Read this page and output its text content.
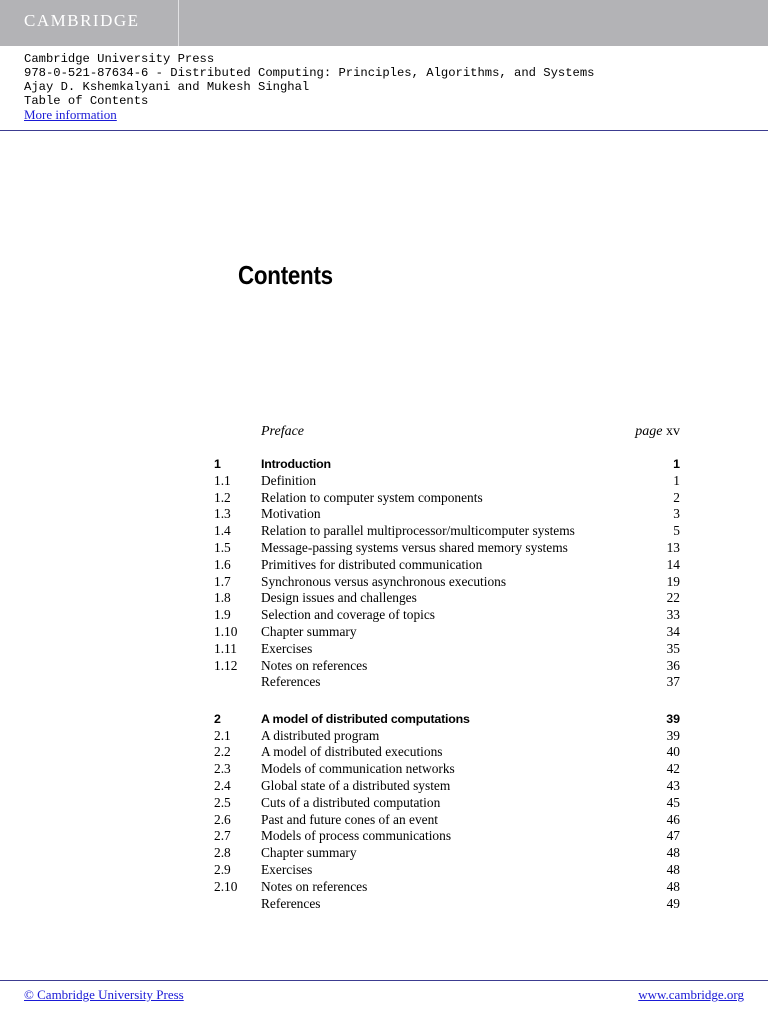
CAMBRIDGE
Cambridge University Press
978-0-521-87634-6 - Distributed Computing: Principles, Algorithms, and Systems
Ajay D. Kshemkalyani and Mukesh Singhal
Table of Contents
More information
Contents
Preface	page xv
1	Introduction	1
1.1 Definition	1
1.2 Relation to computer system components	2
1.3 Motivation	3
1.4 Relation to parallel multiprocessor/multicomputer systems	5
1.5 Message-passing systems versus shared memory systems	13
1.6 Primitives for distributed communication	14
1.7 Synchronous versus asynchronous executions	19
1.8 Design issues and challenges	22
1.9 Selection and coverage of topics	33
1.10 Chapter summary	34
1.11 Exercises	35
1.12 Notes on references	36
References	37
2	A model of distributed computations	39
2.1 A distributed program	39
2.2 A model of distributed executions	40
2.3 Models of communication networks	42
2.4 Global state of a distributed system	43
2.5 Cuts of a distributed computation	45
2.6 Past and future cones of an event	46
2.7 Models of process communications	47
2.8 Chapter summary	48
2.9 Exercises	48
2.10 Notes on references	48
References	49
© Cambridge University Press	www.cambridge.org
